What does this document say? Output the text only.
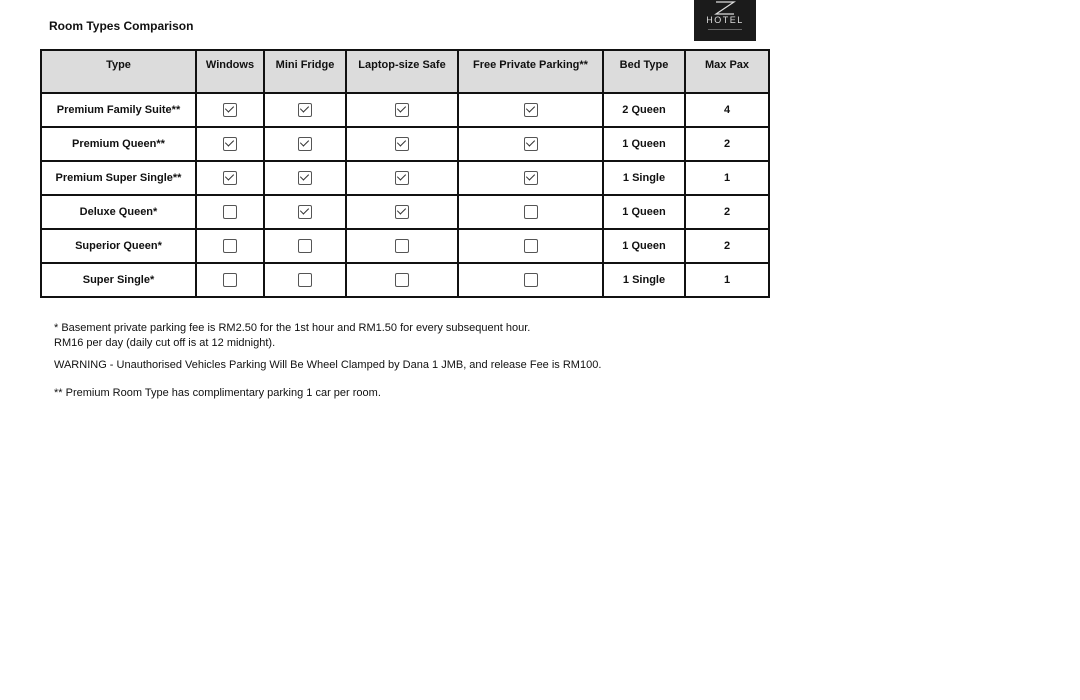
Room Types Comparison	HOTEL
Type	Windows	Mini Fridge	Laptop-size Safe	Free Private Parking**	Bed Type	Max Pax
Premium Family Suite**					2 Queen	4
Premium Queen**					1 Queen	2
Premium Super Single**					1 Single	1
Deluxe Queen*					1 Queen	2
Superior Queen*					1 Queen	2
Super Single*					1 Single	1

* Basement private parking fee is RM2.50 for the 1st hour and RM1.50 for every subsequent hour.

RM16 per day (daily cut off is at 12 midnight).

WARNING - Unauthorised Vehicles Parking Will Be Wheel Clamped by Dana 1 JMB, and release Fee is RM100.

** Premium Room Type has complimentary parking 1 car per room.
